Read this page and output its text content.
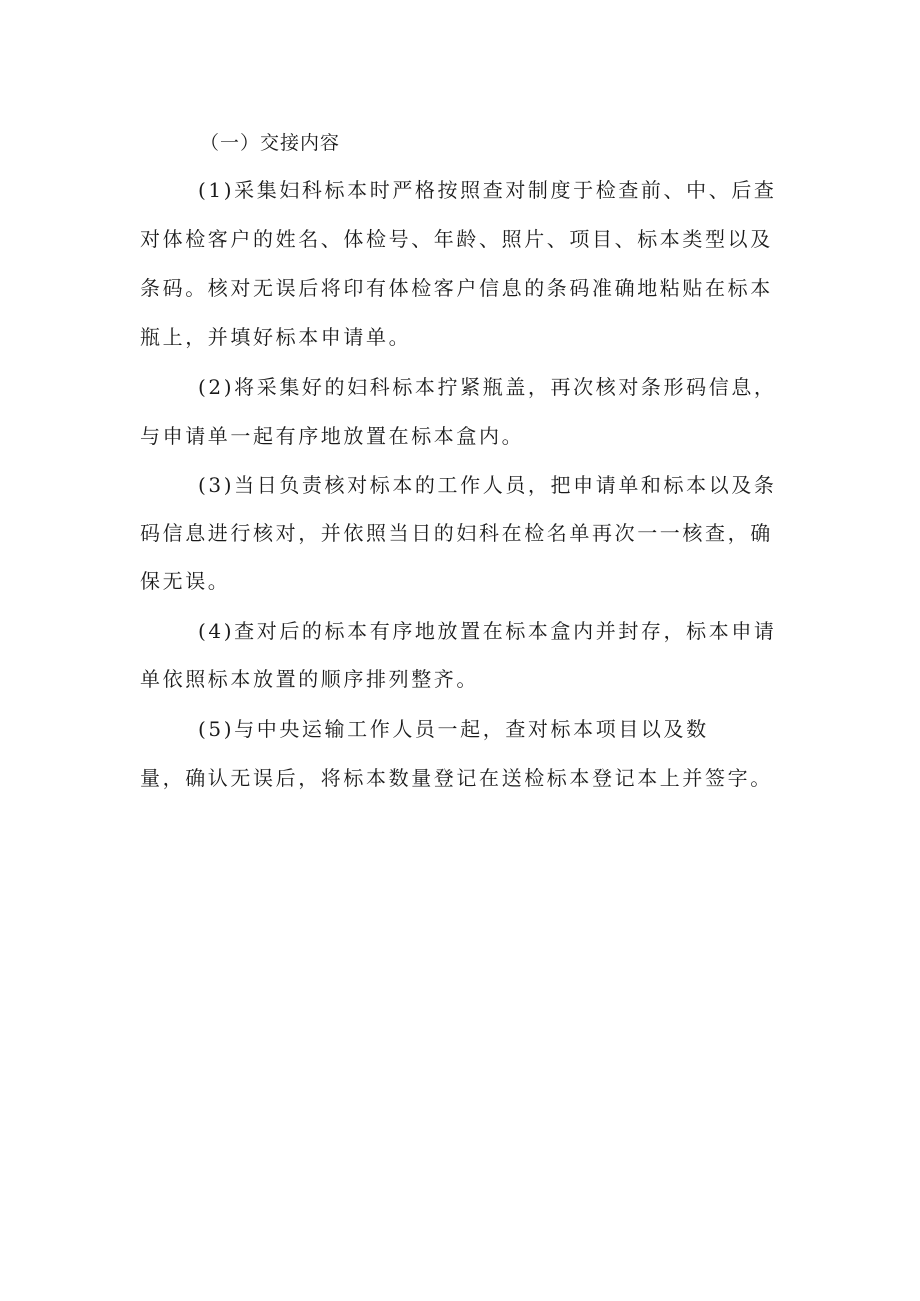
（一）交接内容
(1)采集妇科标本时严格按照查对制度于检查前、中、后查
对体检客户的姓名、体检号、年龄、照片、项目、标本类型以及
条码。核对无误后将印有体检客户信息的条码准确地粘贴在标本
瓶上，并填好标本申请单。
(2)将采集好的妇科标本拧紧瓶盖，再次核对条形码信息，
与申请单一起有序地放置在标本盒内。
(3)当日负责核对标本的工作人员，把申请单和标本以及条
码信息进行核对，并依照当日的妇科在检名单再次一一核查，确
保无误。
(4)查对后的标本有序地放置在标本盒内并封存，标本申请
单依照标本放置的顺序排列整齐。
(5)与中央运输工作人员一起，查对标本项目以及数
量，确认无误后，将标本数量登记在送检标本登记本上并签字。
